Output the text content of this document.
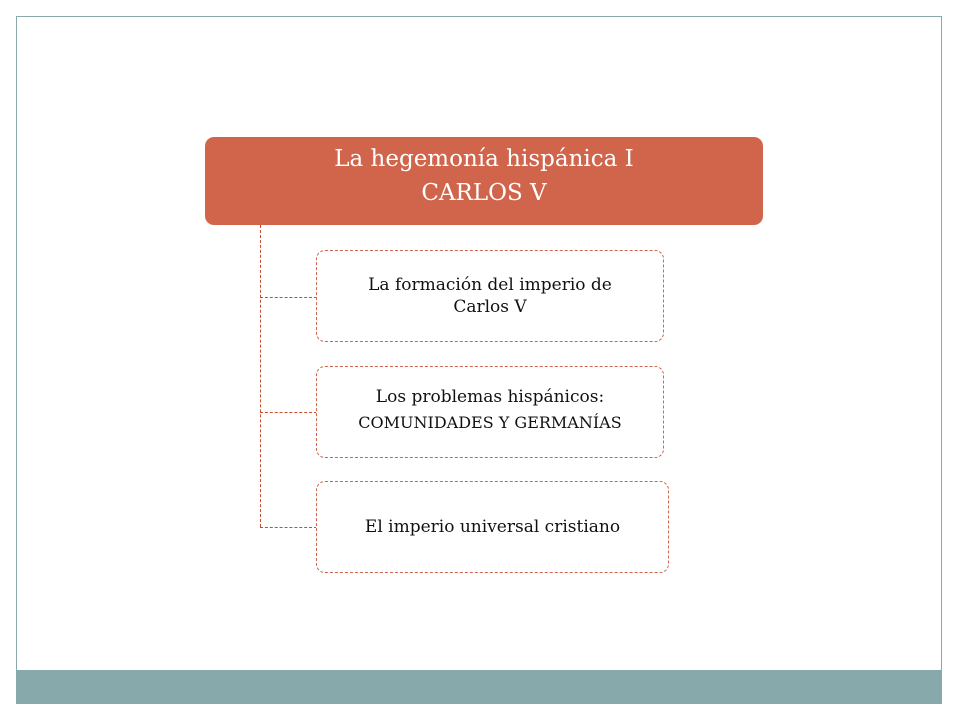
La hegemonía hispánica I
CARLOS V
La formación del imperio de
Carlos V
Los problemas hispánicos:
COMUNIDADES Y GERMANÍAS
El imperio universal cristiano
